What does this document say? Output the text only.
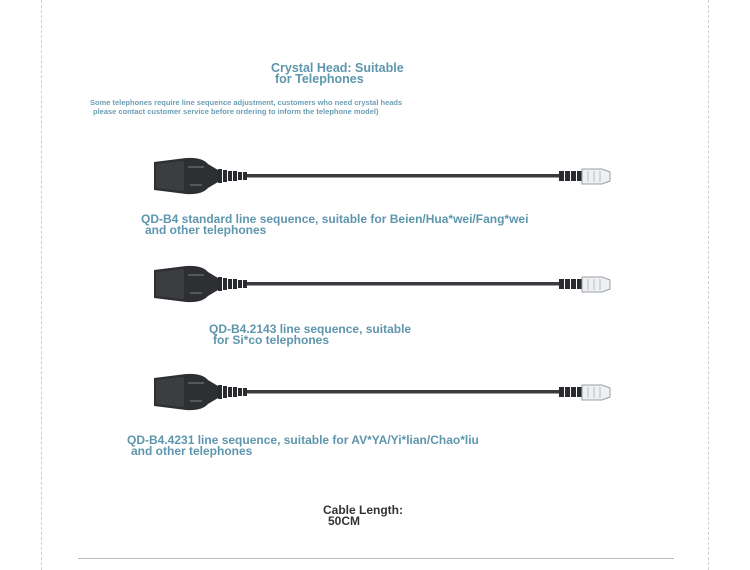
Crystal Head: Suitable
for Telephones
Some telephones require line sequence adjustment, customers who need crystal heads
please contact customer service before ordering to inform the telephone model)
QD-B4 standard line sequence, suitable for Beien/Hua*wei/Fang*wei
and other telephones
QD-B4.2143 line sequence, suitable
for Si*co telephones
QD-B4.4231 line sequence, suitable for AV*YA/Yi*lian/Chao*liu
and other telephones
Cable Length:
50CM
